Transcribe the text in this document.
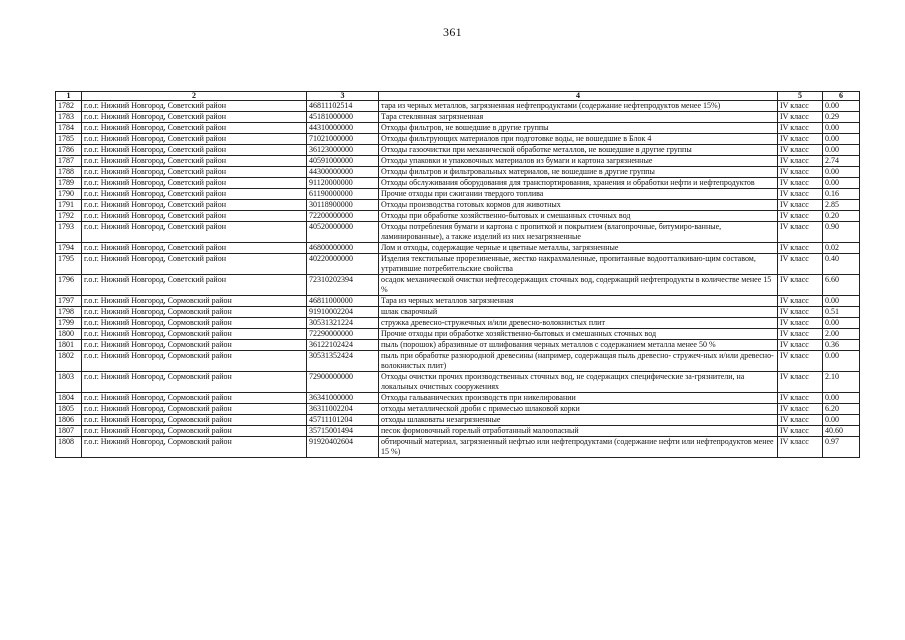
361
1	2	3	4	5	6
1782	г.о.г. Нижний Новгород, Советский район	46811102514	тара из черных металлов, загрязненная нефтепродуктами (содержание нефтепродуктов менее 15%)	IV класс	0.00
1783	г.о.г. Нижний Новгород, Советский район	45181000000	Тара стеклянная загрязненная	IV класс	0.29
1784	г.о.г. Нижний Новгород, Советский район	44310000000	Отходы фильтров, не вошедшие в другие группы	IV класс	0.00
1785	г.о.г. Нижний Новгород, Советский район	71021000000	Отходы фильтрующих материалов при подготовке воды, не вошедшие в Блок 4	IV класс	0.00
1786	г.о.г. Нижний Новгород, Советский район	36123000000	Отходы газоочистки при механической обработке металлов, не вошедшие в другие группы	IV класс	0.00
1787	г.о.г. Нижний Новгород, Советский район	40591000000	Отходы упаковки и упаковочных материалов из бумаги и картона загрязненные	IV класс	2.74
1788	г.о.г. Нижний Новгород, Советский район	44300000000	Отходы фильтров и фильтровальных материалов, не вошедшие в другие группы	IV класс	0.00
1789	г.о.г. Нижний Новгород, Советский район	91120000000	Отходы обслуживания оборудования для транспортирования, хранения и обработки нефти и нефтепродуктов	IV класс	0.00
1790	г.о.г. Нижний Новгород, Советский район	61190000000	Прочие отходы при сжигании твердого топлива	IV класс	0.16
1791	г.о.г. Нижний Новгород, Советский район	30118900000	Отходы производства готовых кормов для животных	IV класс	2.85
1792	г.о.г. Нижний Новгород, Советский район	72200000000	Отходы при обработке хозяйственно-бытовых и смешанных сточных вод	IV класс	0.20
1793	г.о.г. Нижний Новгород, Советский район	40520000000	Отходы потребления бумаги и картона с пропиткой и покрытием (влагопрочные, битумиро-ванные, ламинированные), а также изделий из них незагрязненные	IV класс	0.90
1794	г.о.г. Нижний Новгород, Советский район	46800000000	Лом и отходы, содержащие черные и цветные металлы, загрязненные	IV класс	0.02
1795	г.о.г. Нижний Новгород, Советский район	40220000000	Изделия текстильные прорезиненные, жестко накрахмаленные, пропитанные водоотталкиваю-щим составом, утратившие потребительские свойства	IV класс	0.40
1796	г.о.г. Нижний Новгород, Советский район	72310202394	осадок механической очистки нефтесодержащих сточных вод, содержащий нефтепродукты в количестве менее 15 %	IV класс	6.60
1797	г.о.г. Нижний Новгород, Сормовский район	46811000000	Тара из черных металлов загрязненная	IV класс	0.00
1798	г.о.г. Нижний Новгород, Сормовский район	91910002204	шлак сварочный	IV класс	0.51
1799	г.о.г. Нижний Новгород, Сормовский район	30531321224	стружка древесно-стружечных и/или древесно-волокнистых плит	IV класс	0.00
1800	г.о.г. Нижний Новгород, Сормовский район	72290000000	Прочие отходы при обработке хозяйственно-бытовых и смешанных сточных вод	IV класс	2.00
1801	г.о.г. Нижний Новгород, Сормовский район	36122102424	пыль (порошок) абразивные от шлифования черных металлов с содержанием металла менее 50 %	IV класс	0.36
1802	г.о.г. Нижний Новгород, Сормовский район	30531352424	пыль при обработке разнородной древесины (например, содержащая пыль древесно- стружеч-ных и/или древесно-волокнистых плит)	IV класс	0.00
1803	г.о.г. Нижний Новгород, Сормовский район	72900000000	Отходы очистки прочих производственных сточных вод, не содержащих специфические за-грязнители, на локальных очистных сооружениях	IV класс	2.10
1804	г.о.г. Нижний Новгород, Сормовский район	36341000000	Отходы гальванических производств при никелировании	IV класс	0.00
1805	г.о.г. Нижний Новгород, Сормовский район	36311002204	отходы металлической дроби с примесью шлаковой корки	IV класс	6.20
1806	г.о.г. Нижний Новгород, Сормовский район	45711101204	отходы шлаковаты незагрязненные	IV класс	0.00
1807	г.о.г. Нижний Новгород, Сормовский район	35715001494	песок формовочный горелый отработанный малоопасный	IV класс	40.60
1808	г.о.г. Нижний Новгород, Сормовский район	91920402604	обтирочный материал, загрязненный нефтью или нефтепродуктами (содержание нефти или нефтепродуктов менее 15 %)	IV класс	0.97
